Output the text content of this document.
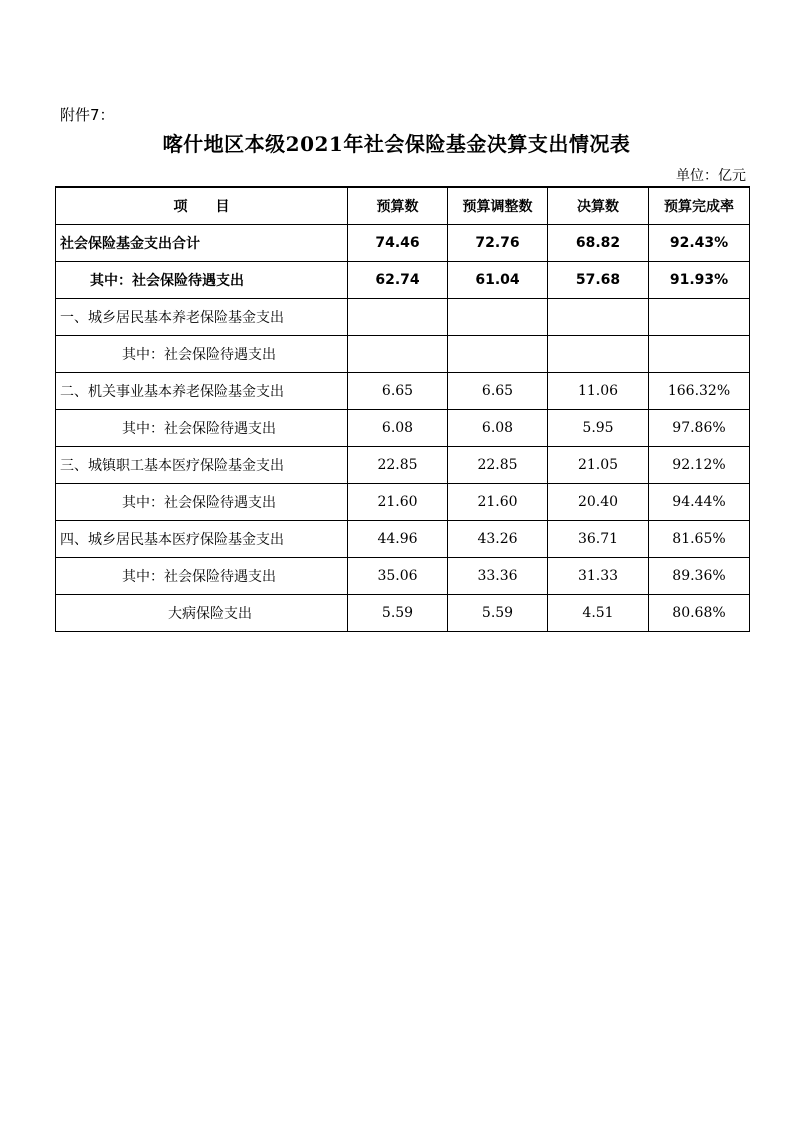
附件7：
喀什地区本级2021年社会保险基金决算支出情况表
单位：亿元
项　　目	预算数	预算调整数	决算数	预算完成率
社会保险基金支出合计	74.46	72.76	68.82	92.43%
其中：社会保险待遇支出	62.74	61.04	57.68	91.93%
一、城乡居民基本养老保险基金支出				
其中：社会保险待遇支出				
二、机关事业基本养老保险基金支出	6.65	6.65	11.06	166.32%
其中：社会保险待遇支出	6.08	6.08	5.95	97.86%
三、城镇职工基本医疗保险基金支出	22.85	22.85	21.05	92.12%
其中：社会保险待遇支出	21.60	21.60	20.40	94.44%
四、城乡居民基本医疗保险基金支出	44.96	43.26	36.71	81.65%
其中：社会保险待遇支出	35.06	33.36	31.33	89.36%
大病保险支出	5.59	5.59	4.51	80.68%
